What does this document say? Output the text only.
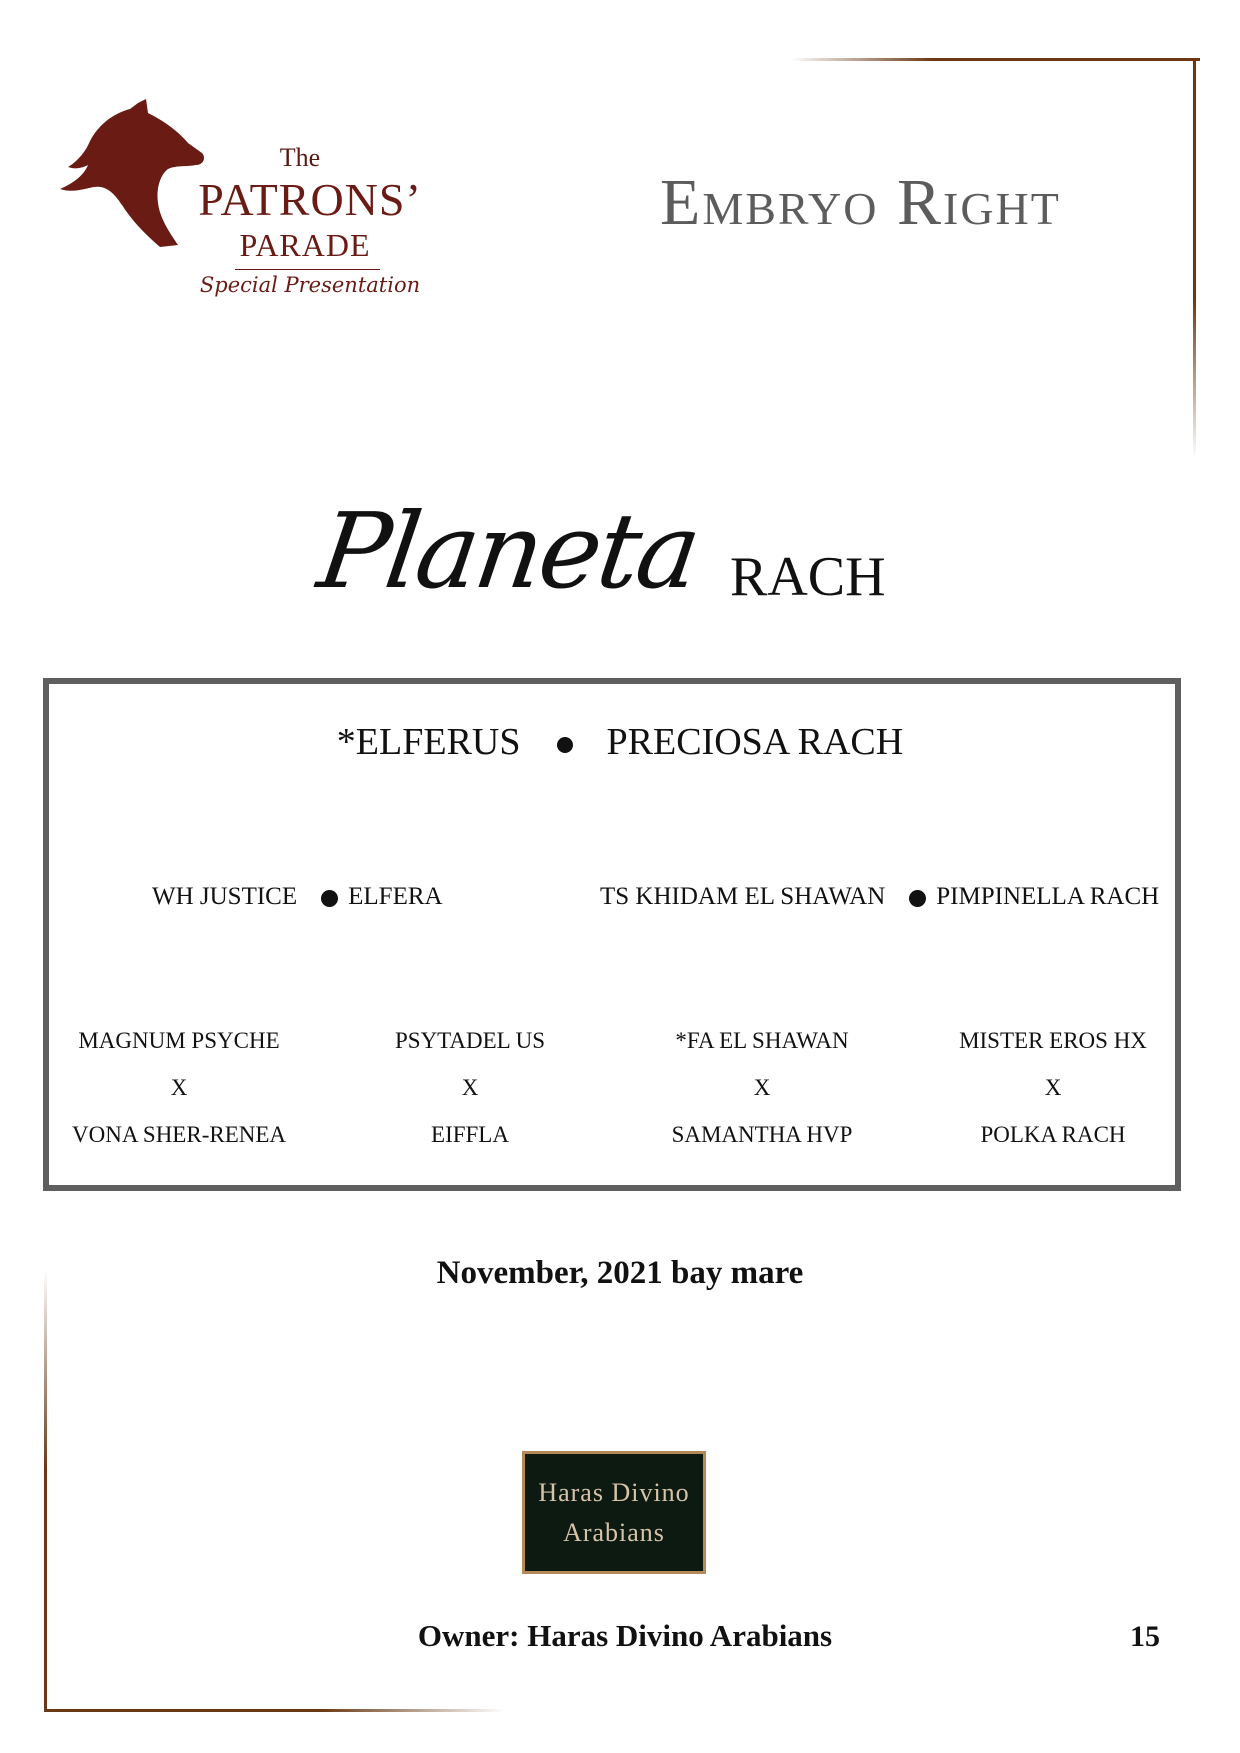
The
PATRONS’
PARADE
Special Presentation
Embryo Right
Planeta RACH
*ELFERUS PRECIOSA RACH
WH JUSTICE ELFERA	TS KHIDAM EL SHAWAN PIMPINELLA RACH
MAGNUM PSYCHE
X
VONA SHER-RENEA
PSYTADEL US
X
EIFFLA
*FA EL SHAWAN
X
SAMANTHA HVP
MISTER EROS HX
X
POLKA RACH
November, 2021 bay mare
Haras Divino
Arabians
Owner: Haras Divino Arabians	15
